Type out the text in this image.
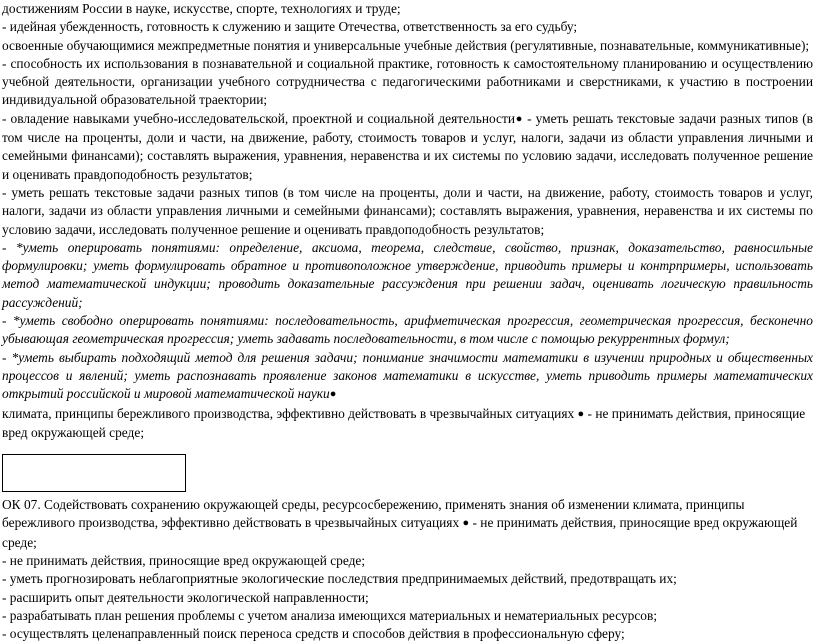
достижениям России в науке, искусстве, спорте, технологиях и труде;

- идейная убежденность, готовность к служению и защите Отечества, ответственность за его судьбу;

освоенные обучающимися межпредметные понятия и универсальные учебные действия (регулятивные, познавательные, коммуникативные);

- способность их использования в познавательной и социальной практике, готовность к самостоятельному планированию и осуществлению учебной деятельности, организации учебного сотрудничества с педагогическими работниками и сверстниками, к участию в построении индивидуальной образовательной траектории;

- овладение навыками учебно-исследовательской, проектной и социальной деятельности● - уметь решать текстовые задачи разных типов (в том числе на проценты, доли и части, на движение, работу, стоимость товаров и услуг, налоги, задачи из области управления личными и семейными финансами); составлять выражения, уравнения, неравенства и их системы по условию задачи, исследовать полученное решение и оценивать правдоподобность результатов;

- уметь решать текстовые задачи разных типов (в том числе на проценты, доли и части, на движение, работу, стоимость товаров и услуг, налоги, задачи из области управления личными и семейными финансами); составлять выражения, уравнения, неравенства и их системы по условию задачи, исследовать полученное решение и оценивать правдоподобность результатов;

- *уметь оперировать понятиями: определение, аксиома, теорема, следствие, свойство, признак, доказательство, равносильные формулировки; уметь формулировать обратное и противоположное утверждение, приводить примеры и контрпримеры, использовать метод математической индукции; проводить доказательные рассуждения при решении задач, оценивать логическую правильность рассуждений;

- *уметь свободно оперировать понятиями: последовательность, арифметическая прогрессия, геометрическая прогрессия, бесконечно убывающая геометрическая прогрессия; уметь задавать последовательности, в том числе с помощью рекуррентных формул;

- *уметь выбирать подходящий метод для решения задачи; понимание значимости математики в изучении природных и общественных процессов и явлений; уметь распознавать проявление законов математики в искусстве, уметь приводить примеры математических открытий российской и мировой математической науки●

климата, принципы бережливого производства, эффективно действовать в чрезвычайных ситуациях ● - не принимать действия, приносящие вред окружающей среде;

ОК 07. Содействовать сохранению окружающей среды, ресурсосбережению, применять знания об изменении климата, принципы бережливого производства, эффективно действовать в чрезвычайных ситуациях ● - не принимать действия, приносящие вред окружающей среде;

- не принимать действия, приносящие вред окружающей среде;

- уметь прогнозировать неблагоприятные экологические последствия предпринимаемых действий, предотвращать их;

- расширить опыт деятельности экологической направленности;

- разрабатывать план решения проблемы с учетом анализа имеющихся материальных и нематериальных ресурсов;

- осуществлять целенаправленный поиск переноса средств и способов действия в профессиональную сферу;
